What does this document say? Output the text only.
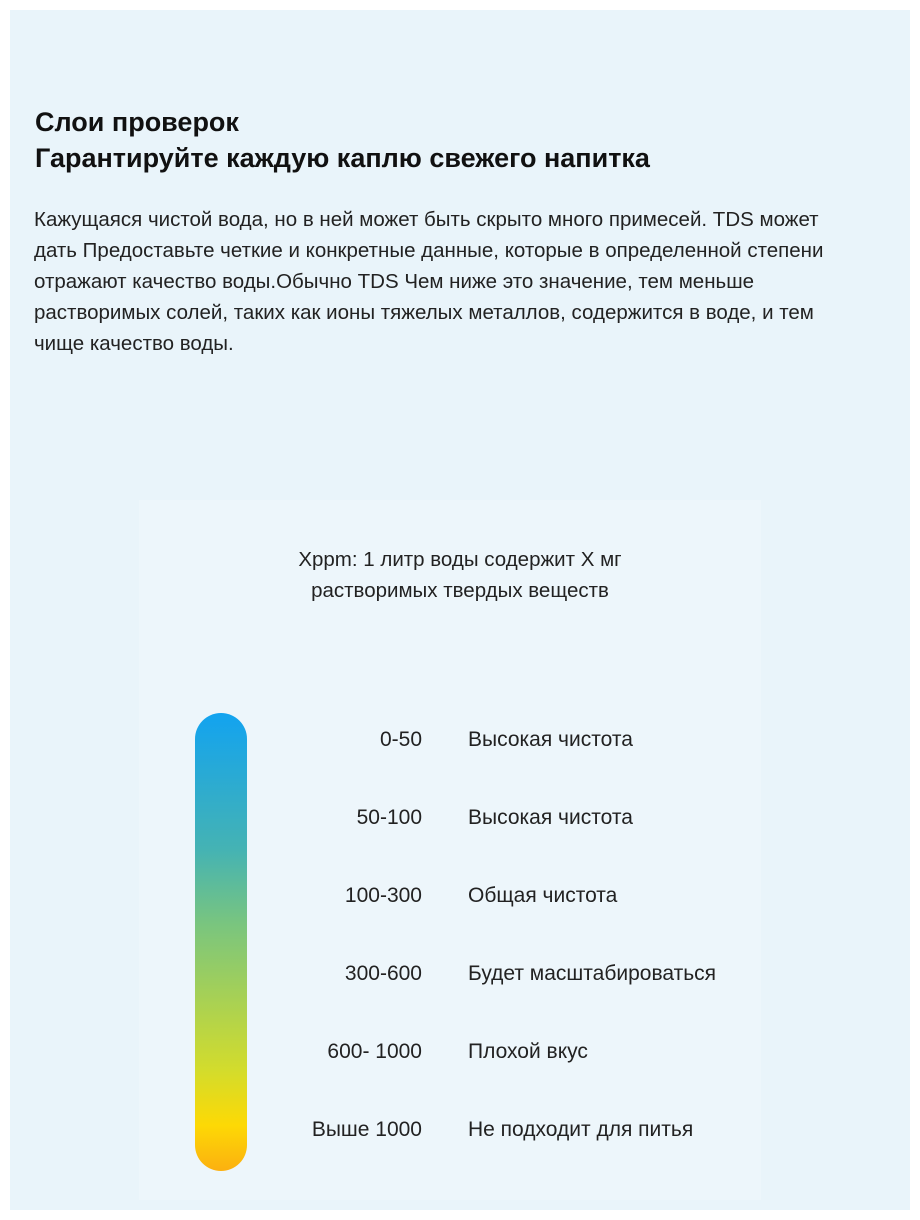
Слои проверок
Гарантируйте каждую каплю свежего напитка

Кажущаяся чистой вода, но в ней может быть скрыто много примесей. TDS может дать Предоставьте четкие и конкретные данные, которые в определенной степени отражают качество воды.Обычно TDS Чем ниже это значение, тем меньше растворимых солей, таких как ионы тяжелых металлов, содержится в воде, и тем чище качество воды.

Xppm: 1 литр воды содержит X мг
растворимых твердых веществ
0-50 Высокая чистота
50-100 Высокая чистота
100-300 Общая чистота
300-600 Будет масштабироваться
600- 1000 Плохой вкус
Выше 1000 Не подходит для питья
